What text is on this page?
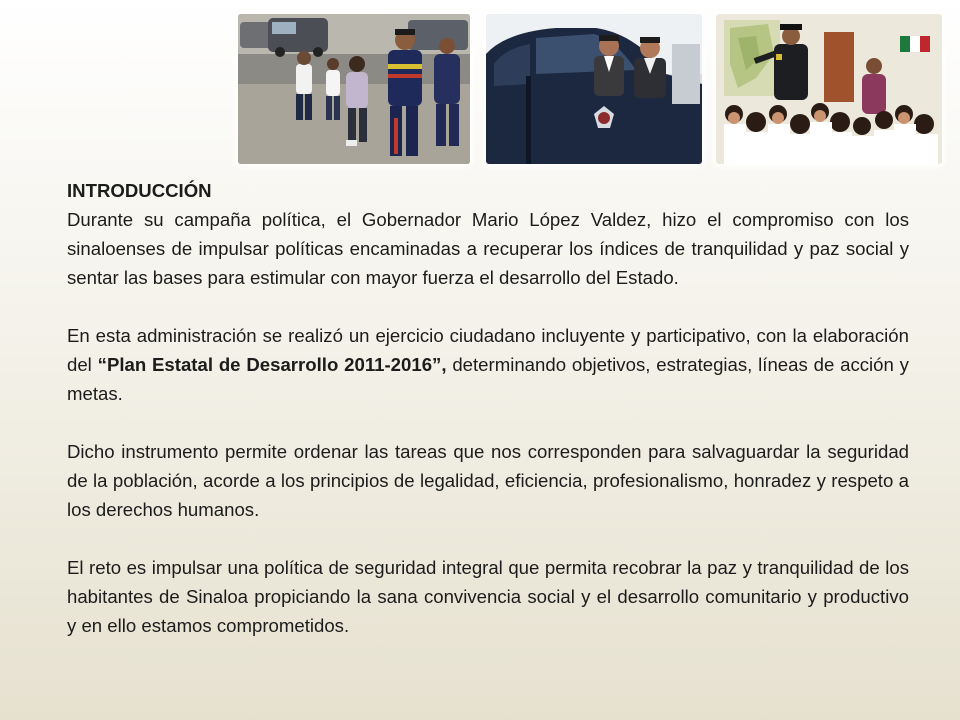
INTRODUCCIÓN

Durante su campaña política, el Gobernador Mario López Valdez, hizo el compromiso con los sinaloenses de impulsar políticas encaminadas a recuperar los índices de tranquilidad y paz social y sentar las bases para estimular con mayor fuerza el desarrollo del Estado.

En esta administración se realizó un ejercicio ciudadano incluyente y participativo, con la elaboración del “Plan Estatal de Desarrollo 2011-2016”, determinando objetivos, estrategias, líneas de acción y metas.

Dicho instrumento permite ordenar las tareas que nos corresponden para salvaguardar la seguridad de la población, acorde a los principios de legalidad, eficiencia, profesionalismo, honradez y respeto a los derechos humanos.

El reto es impulsar una política de seguridad integral que permita recobrar la paz y tranquilidad de los habitantes de Sinaloa propiciando la sana convivencia social y el desarrollo comunitario y productivo y en ello estamos comprometidos.
